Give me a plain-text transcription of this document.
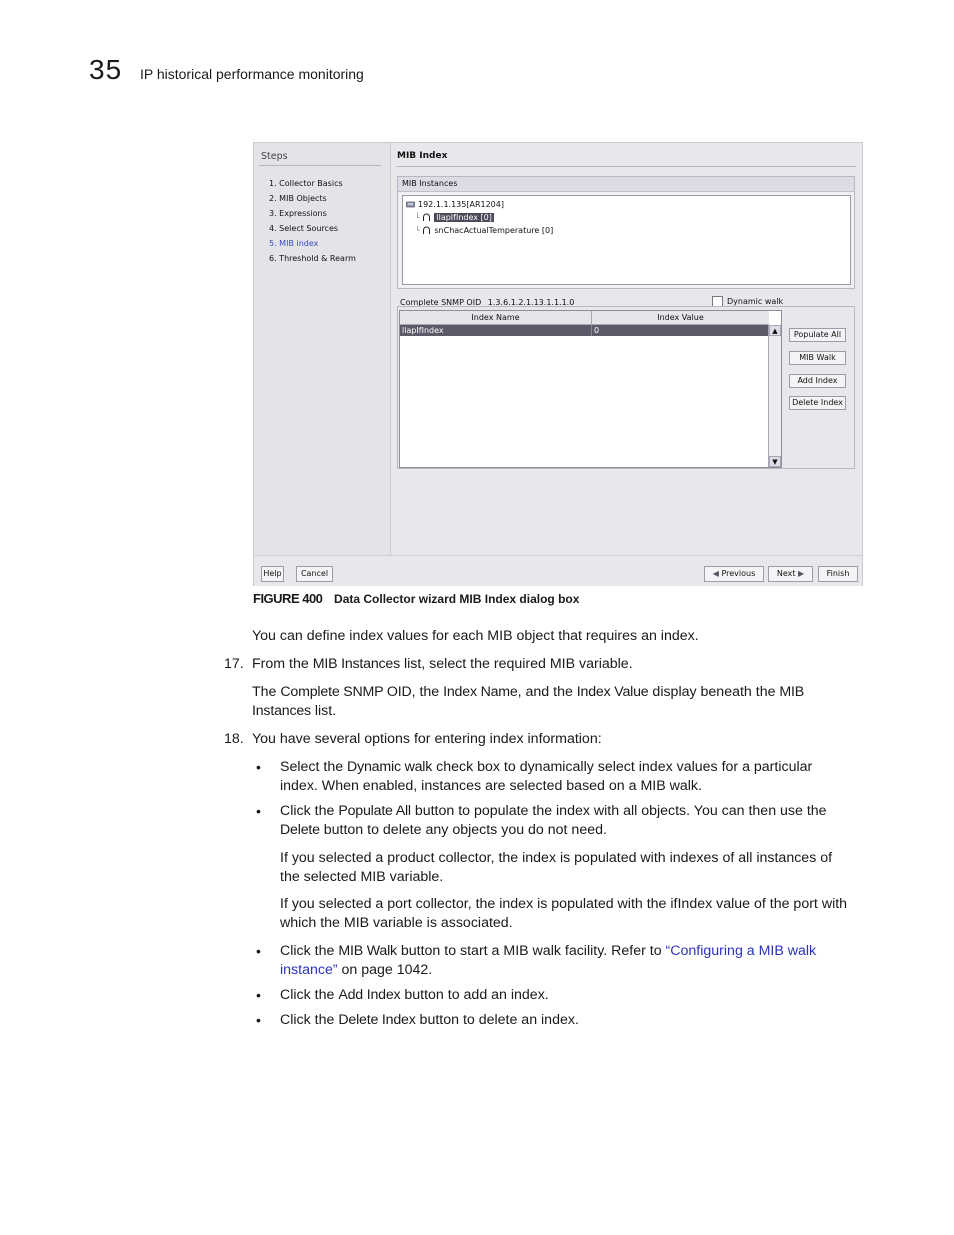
35 IP historical performance monitoring
Steps
1. Collector Basics
2. MIB Objects
3. Expressions
4. Select Sources
5. MIB index
6. Threshold & Rearm
MIB Index
MIB Instances
192.1.1.135[AR1204]
└ llapIfIndex [0]
└ snChacActualTemperature [0]
Complete SNMP OID 1.3.6.1.2.1.13.1.1.1.0	Dynamic walk
Index Name	Index Value
llapIfIndex	0	▲
▼
Populate All
MIB Walk
Add Index
Delete Index
Help	Cancel	◀ Previous	Next ▶	Finish
FIGURE 400 Data Collector wizard MIB Index dialog box
You can define index values for each MIB object that requires an index.
17. From the MIB Instances list, select the required MIB variable.
The Complete SNMP OID, the Index Name, and the Index Value display beneath the MIB
Instances list.
18. You have several options for entering index information:
• Select the Dynamic walk check box to dynamically select index values for a particular
index. When enabled, instances are selected based on a MIB walk.
• Click the Populate All button to populate the index with all objects. You can then use the
Delete button to delete any objects you do not need.
If you selected a product collector, the index is populated with indexes of all instances of
the selected MIB variable.
If you selected a port collector, the index is populated with the ifIndex value of the port with
which the MIB variable is associated.
• Click the MIB Walk button to start a MIB walk facility. Refer to “Configuring a MIB walk
instance” on page 1042.
• Click the Add Index button to add an index.
• Click the Delete Index button to delete an index.
